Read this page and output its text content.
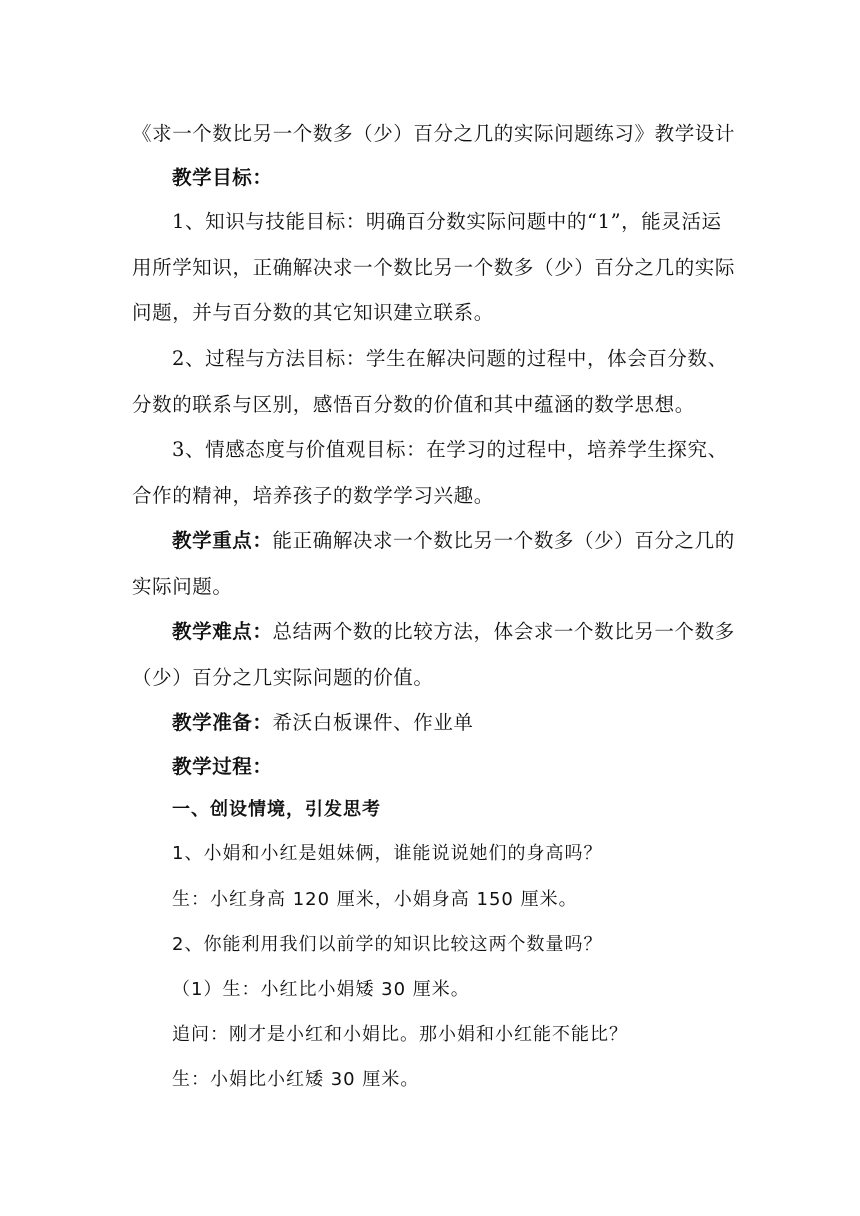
《求一个数比另一个数多（少）百分之几的实际问题练习》教学设计
教学目标：
1、知识与技能目标：明确百分数实际问题中的“1”，能灵活运
用所学知识，正确解决求一个数比另一个数多（少）百分之几的实际
问题，并与百分数的其它知识建立联系。
2、过程与方法目标：学生在解决问题的过程中，体会百分数、
分数的联系与区别，感悟百分数的价值和其中蕴涵的数学思想。
3、情感态度与价值观目标：在学习的过程中，培养学生探究、
合作的精神，培养孩子的数学学习兴趣。
教学重点：能正确解决求一个数比另一个数多（少）百分之几的
实际问题。
教学难点：总结两个数的比较方法，体会求一个数比另一个数多
（少）百分之几实际问题的价值。
教学准备：希沃白板课件、作业单
教学过程：
一、创设情境，引发思考
1、小娟和小红是姐妹俩，谁能说说她们的身高吗？
生：小红身高 120 厘米，小娟身高 150 厘米。
2、你能利用我们以前学的知识比较这两个数量吗？
（1）生：小红比小娟矮 30 厘米。
追问：刚才是小红和小娟比。那小娟和小红能不能比？
生：小娟比小红矮 30 厘米。
